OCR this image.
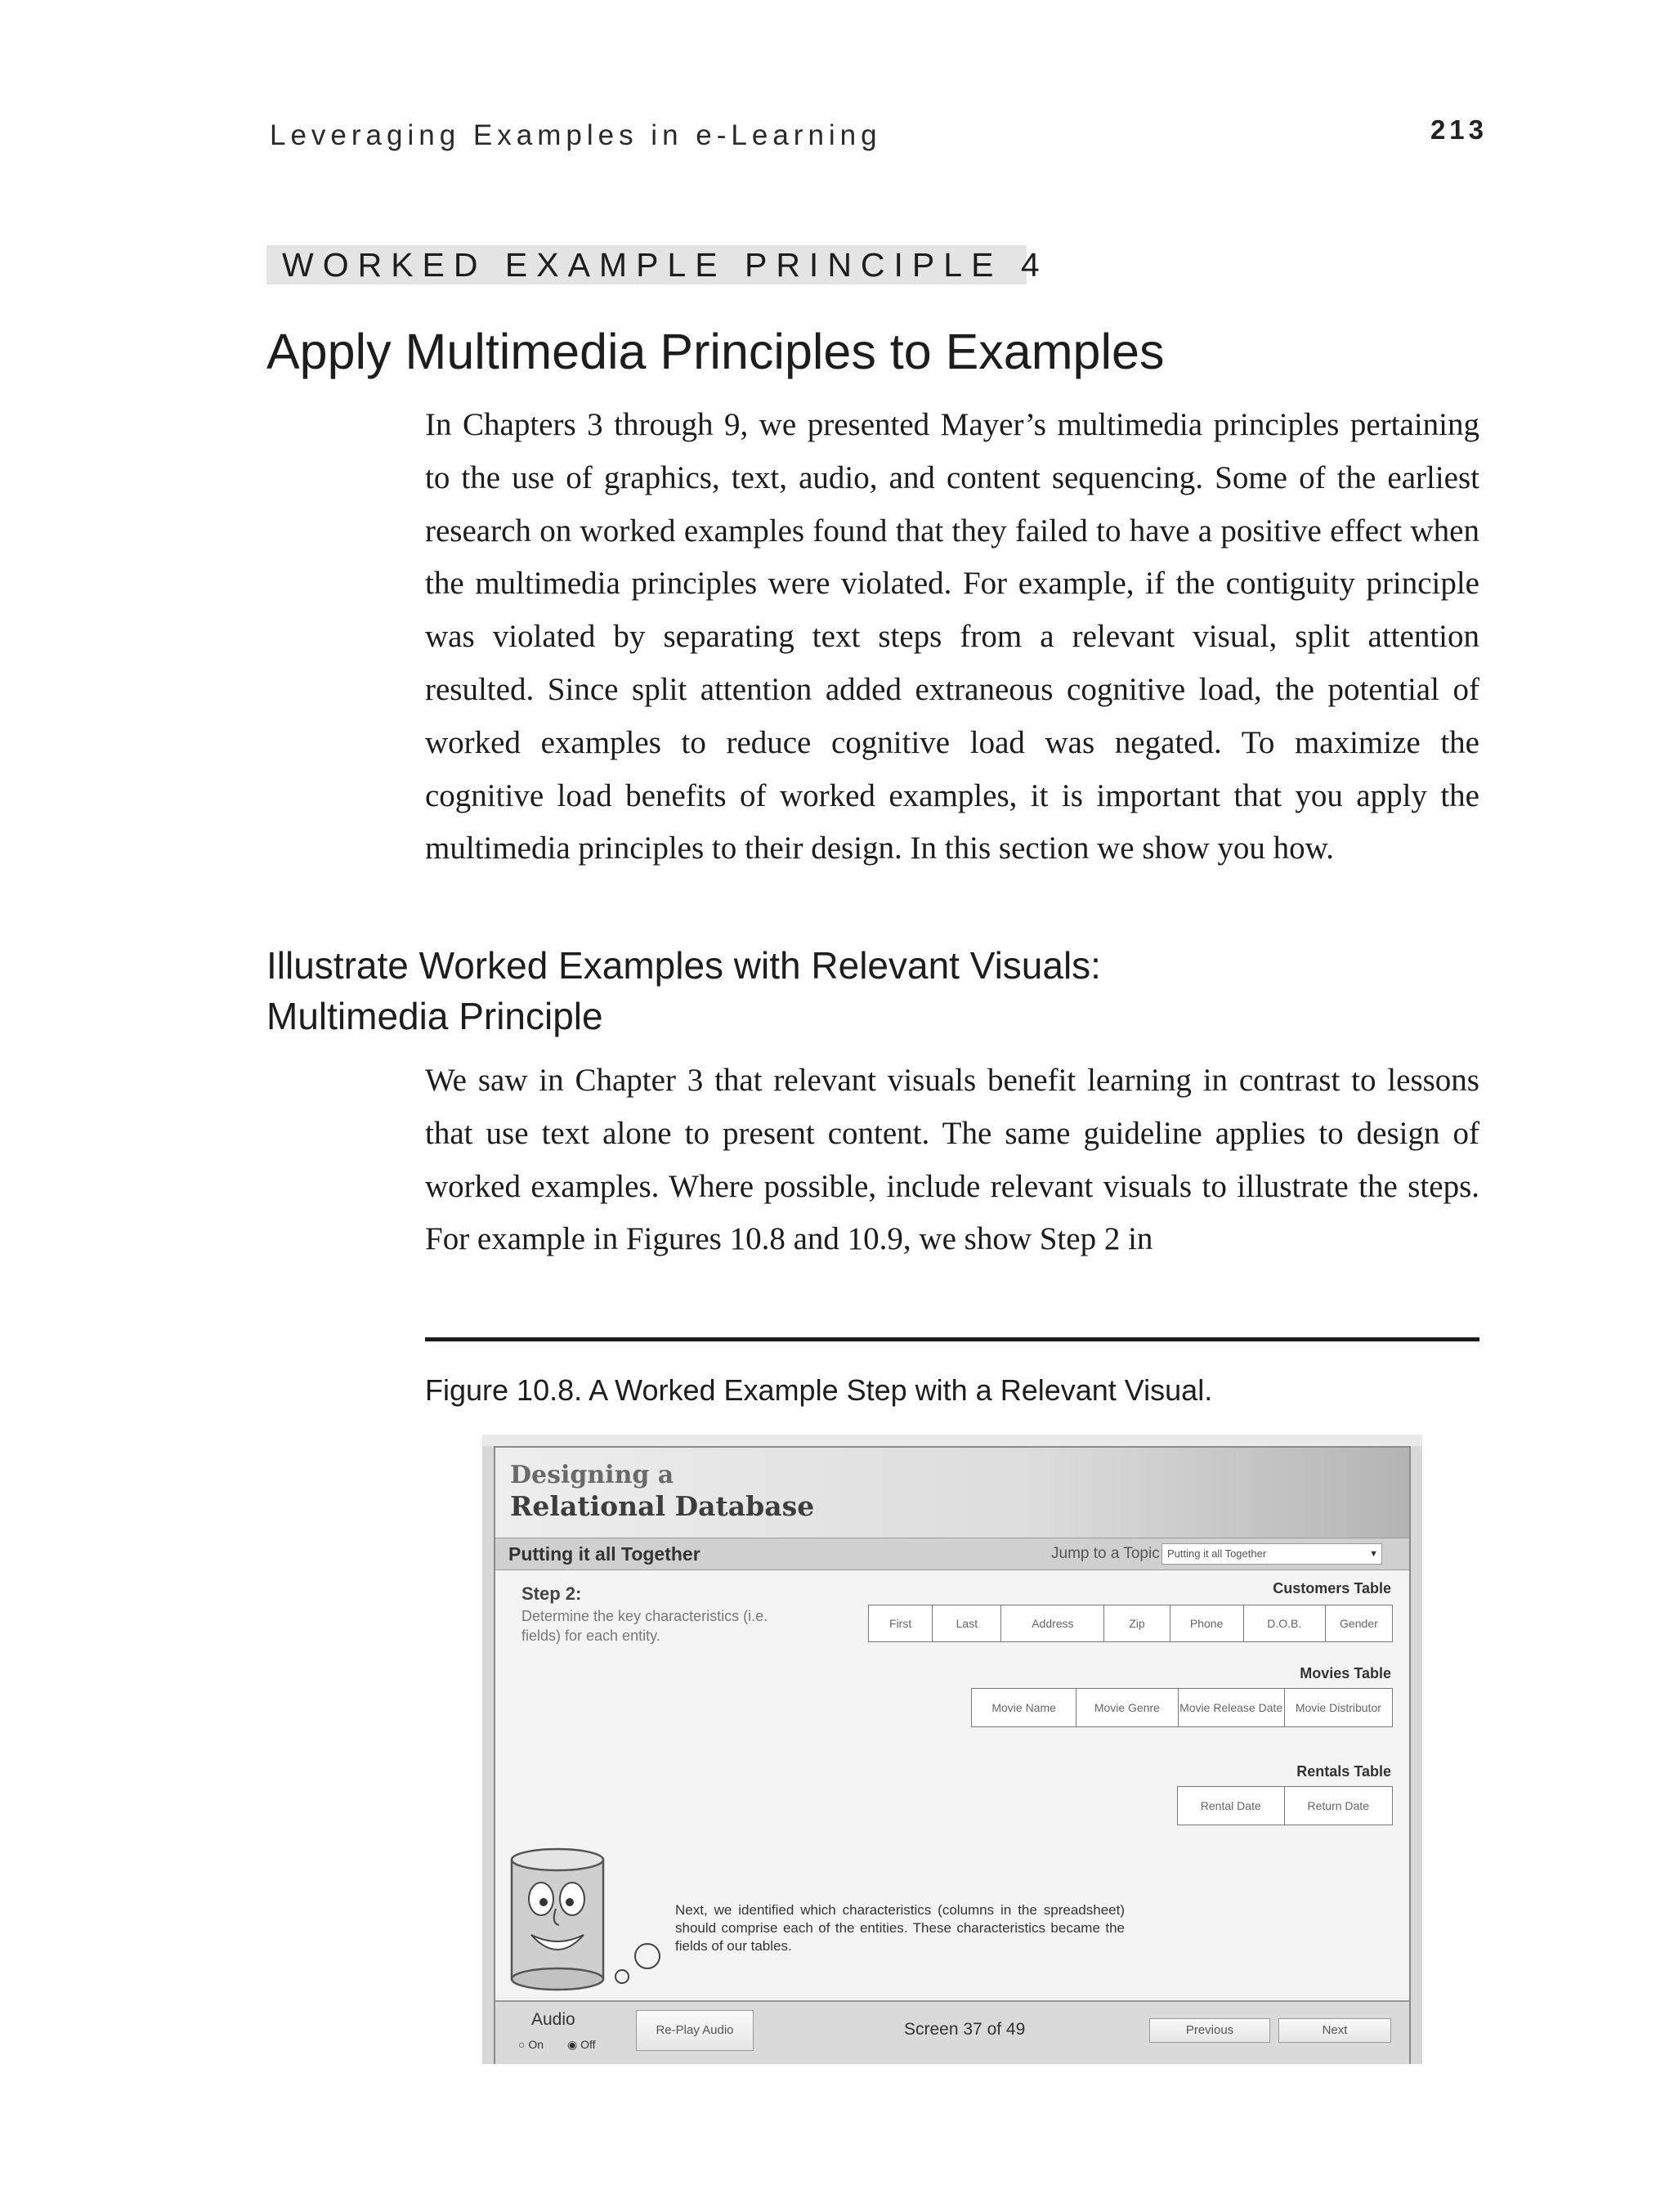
Leveraging Examples in e-Learning	213
WORKED EXAMPLE PRINCIPLE 4
Apply Multimedia Principles to Examples

In Chapters 3 through 9, we presented Mayer’s multimedia principles pertaining to the use of graphics, text, audio, and content sequencing. Some of the earliest research on worked examples found that they failed to have a positive effect when the multimedia principles were violated. For example, if the contiguity principle was violated by separating text steps from a relevant visual, split attention resulted. Since split attention added extraneous cognitive load, the potential of worked examples to reduce cognitive load was negated. To maximize the cognitive load benefits of worked examples, it is important that you apply the multimedia principles to their design. In this section we show you how.

Illustrate Worked Examples with Relevant Visuals:
Multimedia Principle

We saw in Chapter 3 that relevant visuals benefit learning in contrast to lessons that use text alone to present content. The same guideline applies to design of worked examples. Where possible, include relevant visuals to illustrate the steps. For example in Figures 10.8 and 10.9, we show Step 2 in

Figure 10.8. A Worked Example Step with a Relevant Visual.
Designing a
Relational Database
Putting it all Together	Jump to a Topic Putting it all Together	▼
Step 2:
Determine the key characteristics (i.e. fields) for each entity.
Customers Table
First	Last	Address	Zip	Phone	D.O.B.	Gender
Movies Table
Movie Name	Movie Genre	Movie Release Date	Movie Distributor
Rentals Table
Rental Date	Return Date
Next, we identified which characteristics (columns in the spreadsheet) should comprise each of the entities. These characteristics became the fields of our tables.
Audio
○ On ◉ Off
Re-Play Audio	Screen 37 of 49	Previous	Next
